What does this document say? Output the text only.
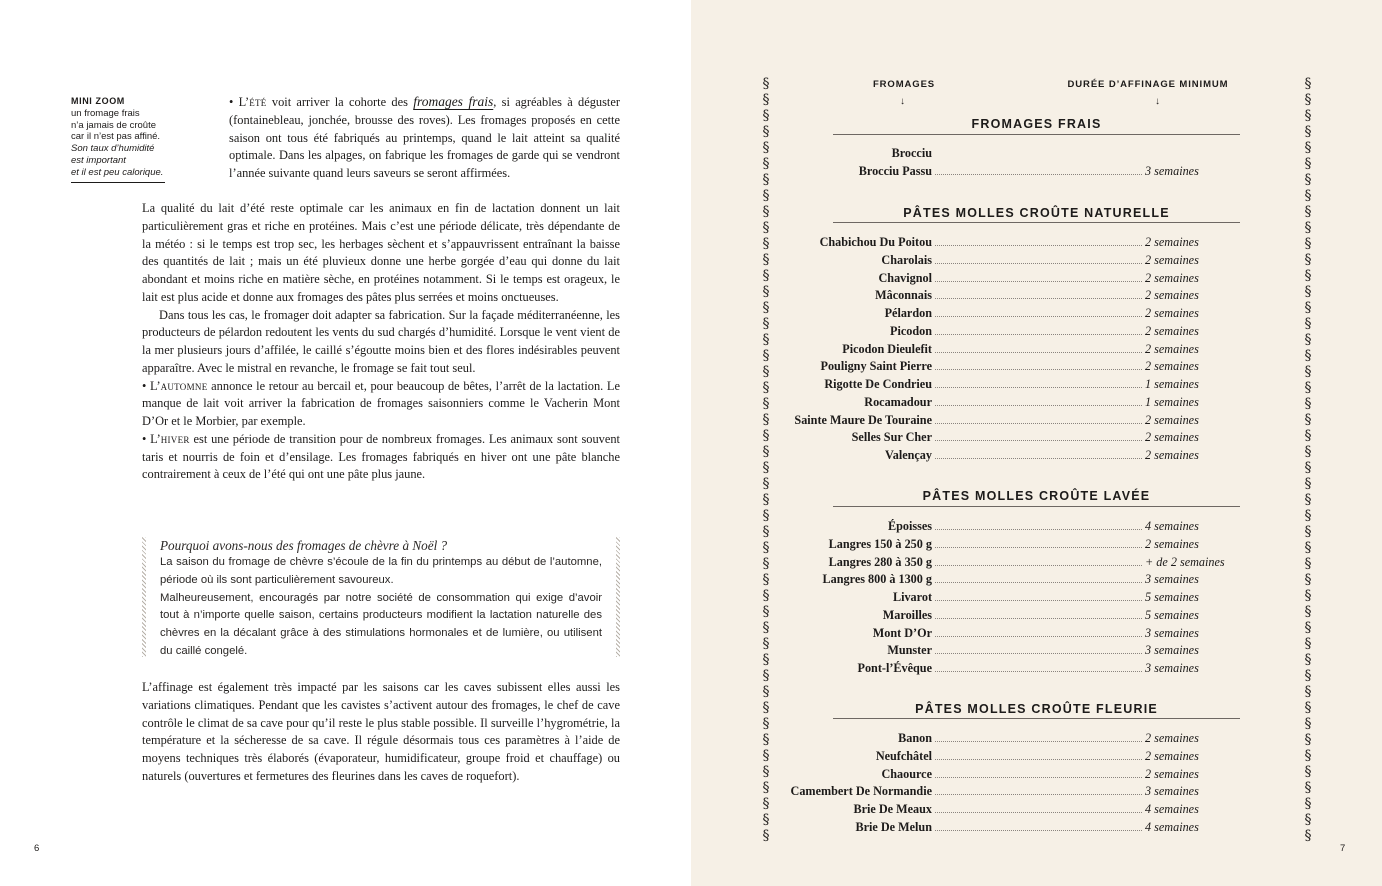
MINI ZOOM
un fromage frais
n’a jamais de croûte
car il n’est pas affiné.
Son taux d’humidité
est important
et il est peu calorique.

• L’été voit arriver la cohorte des fromages frais, si agréables à déguster (fontainebleau, jonchée, brousse des roves). Les fromages proposés en cette saison ont tous été fabriqués au printemps, quand le lait atteint sa qualité optimale. Dans les alpages, on fabrique les fromages de garde qui se vendront l’année suivante quand leurs saveurs se seront affirmées.

La qualité du lait d’été reste optimale car les animaux en fin de lactation donnent un lait particulièrement gras et riche en protéines. Mais c’est une période délicate, très dépendante de la météo : si le temps est trop sec, les herbages sèchent et s’appauvrissent entraînant la baisse des quantités de lait ; mais un été pluvieux donne une herbe gorgée d’eau qui donne du lait abondant et moins riche en matière sèche, en protéines notamment. Si le temps est orageux, le lait est plus acide et donne aux fromages des pâtes plus serrées et moins onctueuses.

Dans tous les cas, le fromager doit adapter sa fabrication. Sur la façade méditerranéenne, les producteurs de pélardon redoutent les vents du sud chargés d’humidité. Lorsque le vent vient de la mer plusieurs jours d’affilée, le caillé s’égoutte moins bien et des flores indésirables peuvent apparaître. Avec le mistral en revanche, le fromage se fait tout seul.

• L’automne annonce le retour au bercail et, pour beaucoup de bêtes, l’arrêt de la lactation. Le manque de lait voit arriver la fabrication de fromages saisonniers comme le Vacherin Mont D’Or et le Morbier, par exemple.

• L’hiver est une période de transition pour de nombreux fromages. Les animaux sont souvent taris et nourris de foin et d’ensilage. Les fromages fabriqués en hiver ont une pâte blanche contrairement à ceux de l’été qui ont une pâte plus jaune.

Pourquoi avons-nous des fromages de chèvre à Noël ?

La saison du fromage de chèvre s’écoule de la fin du printemps au début de l’automne, période où ils sont particulièrement savoureux.

Malheureusement, encouragés par notre société de consommation qui exige d’avoir tout à n’importe quelle saison, certains producteurs modifient la lactation naturelle des chèvres en la décalant grâce à des stimulations hormonales et de lumière, ou utilisent du caillé congelé.

L’affinage est également très impacté par les saisons car les caves subissent elles aussi les variations climatiques. Pendant que les cavistes s’activent autour des fromages, le chef de cave contrôle le climat de sa cave pour qu’il reste le plus stable possible. Il surveille l’hygrométrie, la température et la sécheresse de sa cave. Il régule désormais tous ces paramètres à l’aide de moyens techniques très élaborés (évaporateur, humidificateur, groupe froid et chauffage) ou naturels (ouvertures et fermetures des fleurines dans les caves de roquefort).

6
§
§
§
§
§
§
§
§
§
§
§
§
§
§
§
§
§
§
§
§
§
§
§
§
§
§
§
§
§
§
§
§
§
§
§
§
§
§
§
§
§
§
§
§
§
§
§
§
§
§
§
§
§
§
§
§
§
§
§
§
§
§
§
§
§
§
§
§
§
§
§
§
§
§
§
§
§
§
§
§
§
§
§
§
§
§
§
§
§
§
§
§
§
§
§
§
FROMAGES	DURÉE D’AFFINAGE MINIMUM
↓	↓
FROMAGES FRAIS
Brocciu
Brocciu Passu	3 semaines
PÂTES MOLLES CROÛTE NATURELLE
Chabichou Du Poitou	2 semaines
Charolais	2 semaines
Chavignol	2 semaines
Mâconnais	2 semaines
Pélardon	2 semaines
Picodon	2 semaines
Picodon Dieulefit	2 semaines
Pouligny Saint Pierre	2 semaines
Rigotte De Condrieu	1 semaines
Rocamadour	1 semaines
Sainte Maure De Touraine	2 semaines
Selles Sur Cher	2 semaines
Valençay	2 semaines
PÂTES MOLLES CROÛTE LAVÉE
Époisses	4 semaines
Langres 150 à 250 g	2 semaines
Langres 280 à 350 g	+ de 2 semaines
Langres 800 à 1300 g	3 semaines
Livarot	5 semaines
Maroilles	5 semaines
Mont D’Or	3 semaines
Munster	3 semaines
Pont-l’Évêque	3 semaines
PÂTES MOLLES CROÛTE FLEURIE
Banon	2 semaines
Neufchâtel	2 semaines
Chaource	2 semaines
Camembert De Normandie	3 semaines
Brie De Meaux	4 semaines
Brie De Melun	4 semaines
7
